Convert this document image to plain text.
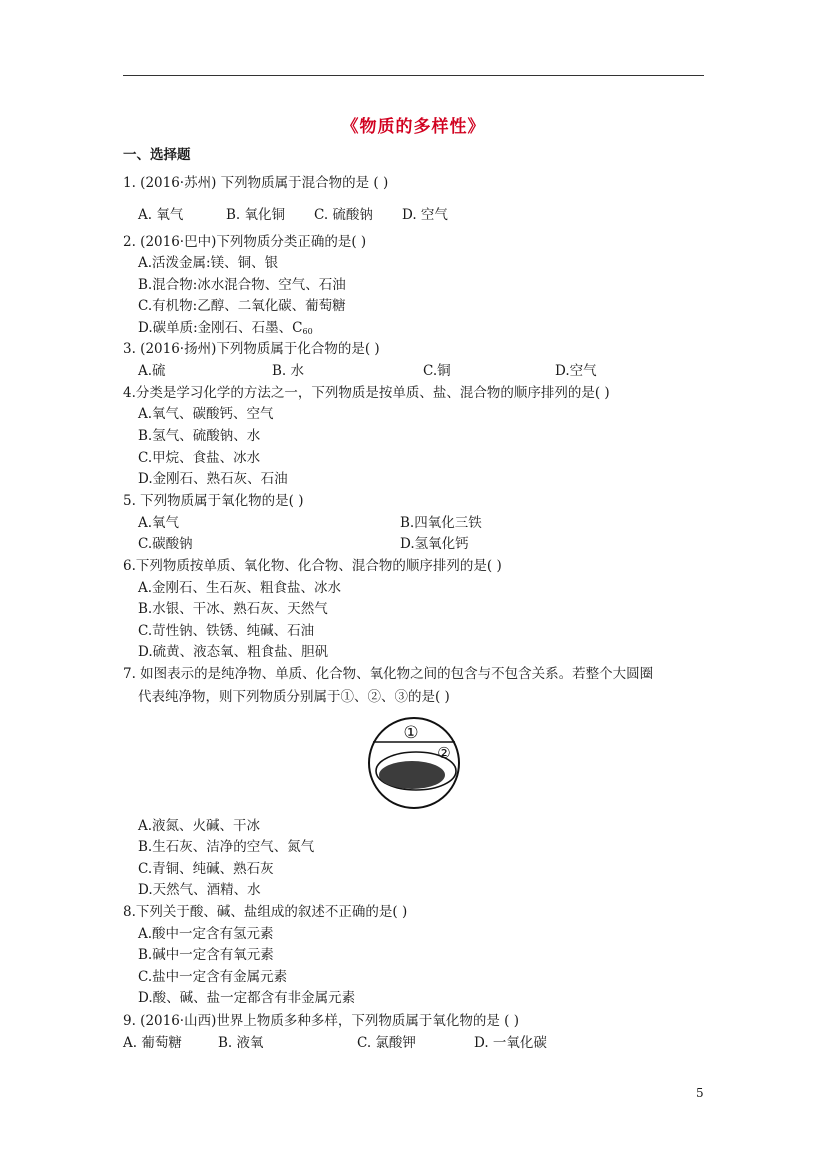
《物质的多样性》
一、选择题
1. (2016·苏州) 下列物质属于混合物的是 ( )
A. 氧气	B. 氧化铜 C. 硫酸钠 D. 空气
2. (2016·巴中)下列物质分类正确的是( )
A.活泼金属:镁、铜、银
B.混合物:冰水混合物、空气、石油
C.有机物:乙醇、二氧化碳、葡萄糖
D.碳单质:金刚石、石墨、$C_{60}$
3. (2016·扬州)下列物质属于化合物的是( )
A.硫	B. 水	C.铜	D.空气
4.分类是学习化学的方法之一，下列物质是按单质、盐、混合物的顺序排列的是( )
A.氧气、碳酸钙、空气
B.氢气、硫酸钠、水
C.甲烷、食盐、冰水
D.金刚石、熟石灰、石油
5. 下列物质属于氧化物的是( )
A.氧气	B.四氧化三铁
C.碳酸钠	D.氢氧化钙
6.下列物质按单质、氧化物、化合物、混合物的顺序排列的是( )
A.金刚石、生石灰、粗食盐、冰水
B.水银、干冰、熟石灰、天然气
C.苛性钠、铁锈、纯碱、石油
D.硫黄、液态氧、粗食盐、胆矾
7. 如图表示的是纯净物、单质、化合物、氧化物之间的包含与不包含关系。若整个大圆圈
代表纯净物，则下列物质分别属于①、②、③的是( )
①
②
A.液氮、火碱、干冰
B.生石灰、洁净的空气、氮气
C.青铜、纯碱、熟石灰
D.天然气、酒精、水
8.下列关于酸、碱、盐组成的叙述不正确的是( )
A.酸中一定含有氢元素
B.碱中一定含有氧元素
C.盐中一定含有金属元素
D.酸、碱、盐一定都含有非金属元素
9. (2016·山西)世界上物质多种多样，下列物质属于氧化物的是 ( )
A. 葡萄糖	B. 液氧	C. 氯酸钾	D. 一氧化碳
5
